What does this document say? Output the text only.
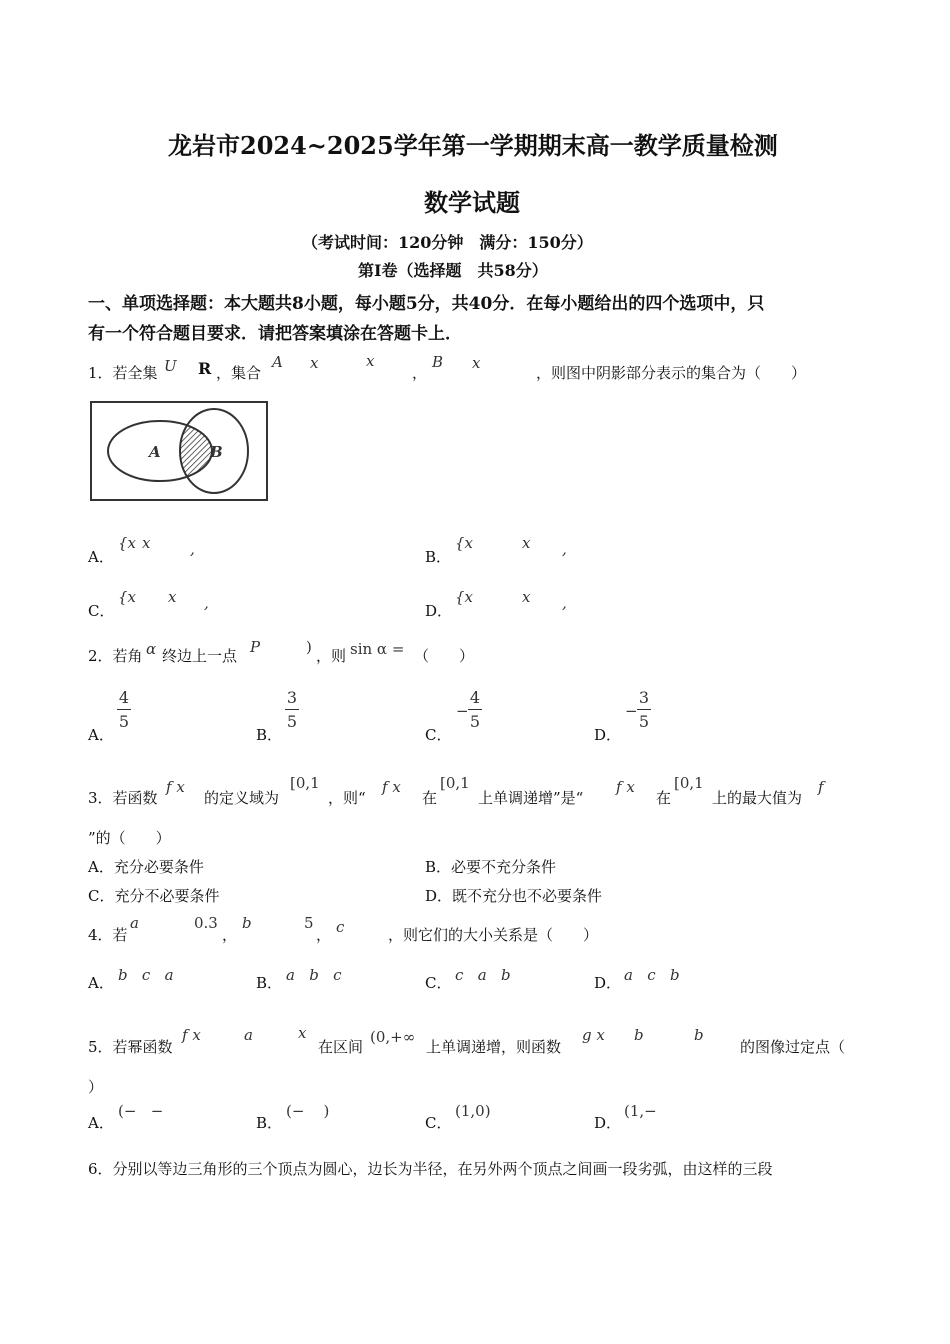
龙岩市2024~2025学年第一学期期末高一教学质量检测
数学试题
（考试时间：120分钟　满分：150分）
第Ⅰ卷（选择题　共58分）
一、单项选择题：本大题共8小题，每小题5分，共40分．在每小题给出的四个选项中，只
有一个符合题目要求．请把答案填涂在答题卡上．
1．若全集 U R ，集合
A x	x
，
B x
，则图中阴影部分表示的集合为（　　）
A	B
A．
{x x	,	B．
{x	x ,
C．
{x x ,	D．
{x	x ,
2．若角 α 终边上一点 P	) ，则 sin α = （　　）
A．
4
5
B．
3
5
C．
−
4
5
D．
−
3
5
3．若函数
f x
的定义域为
[0,1
，则“
f x
在
[0,1
上单调递增”是“
f x
在
[0,1
上的最大值为
f
”的（　　）
A．充分必要条件	B．必要不充分条件
C．充分不必要条件	D．既不充分也不必要条件
4．若
a	0.3
，
b	5
， c	，则它们的大小关系是（　　）
A． b   c   a	B． a   b   c	C． c   a   b	D． a   c   b
5．若幂函数
f x	a	x
在区间
(0,+∞
上单调递增，则函数
g x b	b
的图像过定点（
）
A．
(−   −
B．
(−    )
C．
(1,0)
D．
(1,−
6．分别以等边三角形的三个顶点为圆心，边长为半径，在另外两个顶点之间画一段劣弧，由这样的三段
